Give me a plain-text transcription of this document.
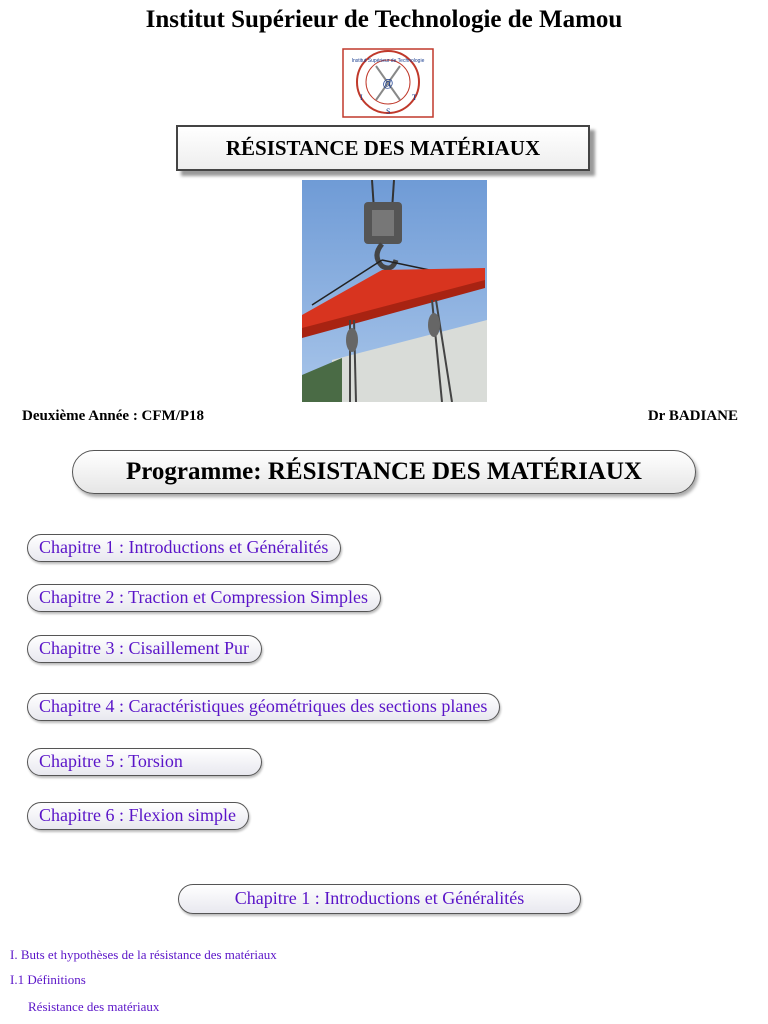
Institut Supérieur de Technologie de Mamou
Institut Supérieur de Technologie
@
I
S
T
RÉSISTANCE DES MATÉRIAUX
Deuxième Année : CFM/P18	Dr BADIANE
Programme: RÉSISTANCE DES MATÉRIAUX
Chapitre 1 : Introductions et Généralités
Chapitre 2 : Traction et Compression Simples
Chapitre 3 : Cisaillement Pur
Chapitre 4 : Caractéristiques géométriques des sections planes
Chapitre 5 : Torsion
Chapitre 6 : Flexion simple
Chapitre 1 : Introductions et Généralités
I. Buts et hypothèses de la résistance des matériaux
I.1 Définitions
Résistance des matériaux
